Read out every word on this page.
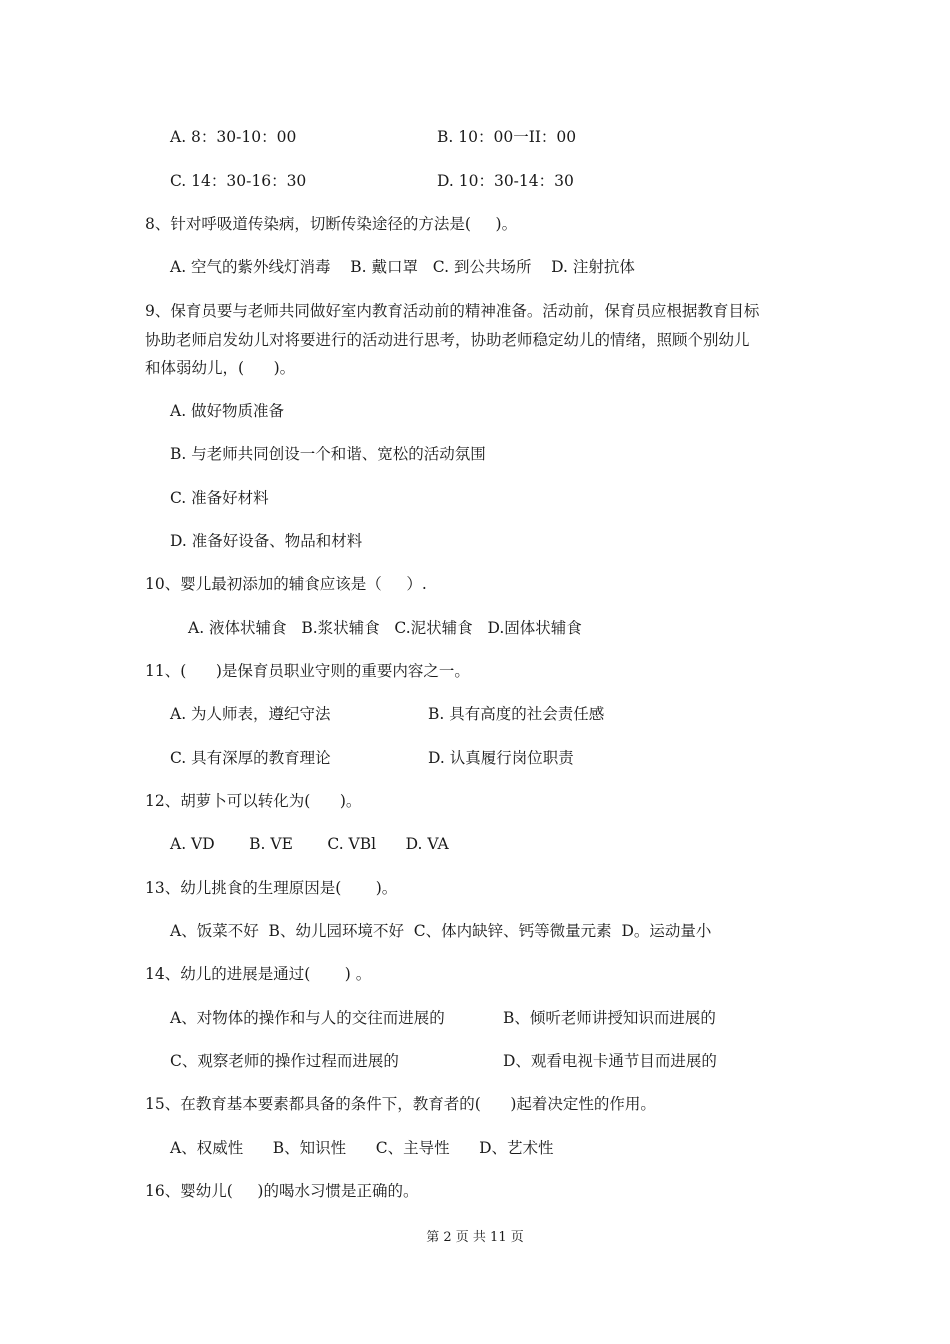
A. 8：30-10：00	B. 10：00一II：00
C. 14：30-16：30	D. 10：30-14：30
8、针对呼吸道传染病，切断传染途径的方法是(     )。
A. 空气的紫外线灯消毒    B. 戴口罩   C. 到公共场所    D. 注射抗体
9、保育员要与老师共同做好室内教育活动前的精神准备。活动前，保育员应根据教育目标
协助老师启发幼儿对将要进行的活动进行思考，协助老师稳定幼儿的情绪，照顾个别幼儿
和体弱幼儿，(      )。
A. 做好物质准备
B. 与老师共同创设一个和谐、宽松的活动氛围
C. 准备好材料
D. 准备好设备、物品和材料
10、婴儿最初添加的辅食应该是（     ）.
A. 液体状辅食   B.浆状辅食   C.泥状辅食   D.固体状辅食
11、(      )是保育员职业守则的重要内容之一。
A. 为人师表，遵纪守法	B. 具有高度的社会责任感
C. 具有深厚的教育理论	D. 认真履行岗位职责
12、胡萝卜可以转化为(      )。
A. VD       B. VE       C. VBl      D. VA
13、幼儿挑食的生理原因是(       )。
A、饭菜不好  B、幼儿园环境不好  C、体内缺锌、钙等微量元素  D。运动量小
14、幼儿的进展是通过(       ) 。
A、对物体的操作和与人的交往而进展的	B、倾听老师讲授知识而进展的
C、观察老师的操作过程而进展的	D、观看电视卡通节目而进展的
15、在教育基本要素都具备的条件下，教育者的(      )起着决定性的作用。
A、权威性      B、知识性      C、主导性      D、艺术性
16、婴幼儿(     )的喝水习惯是正确的。
第 2 页 共 11 页
